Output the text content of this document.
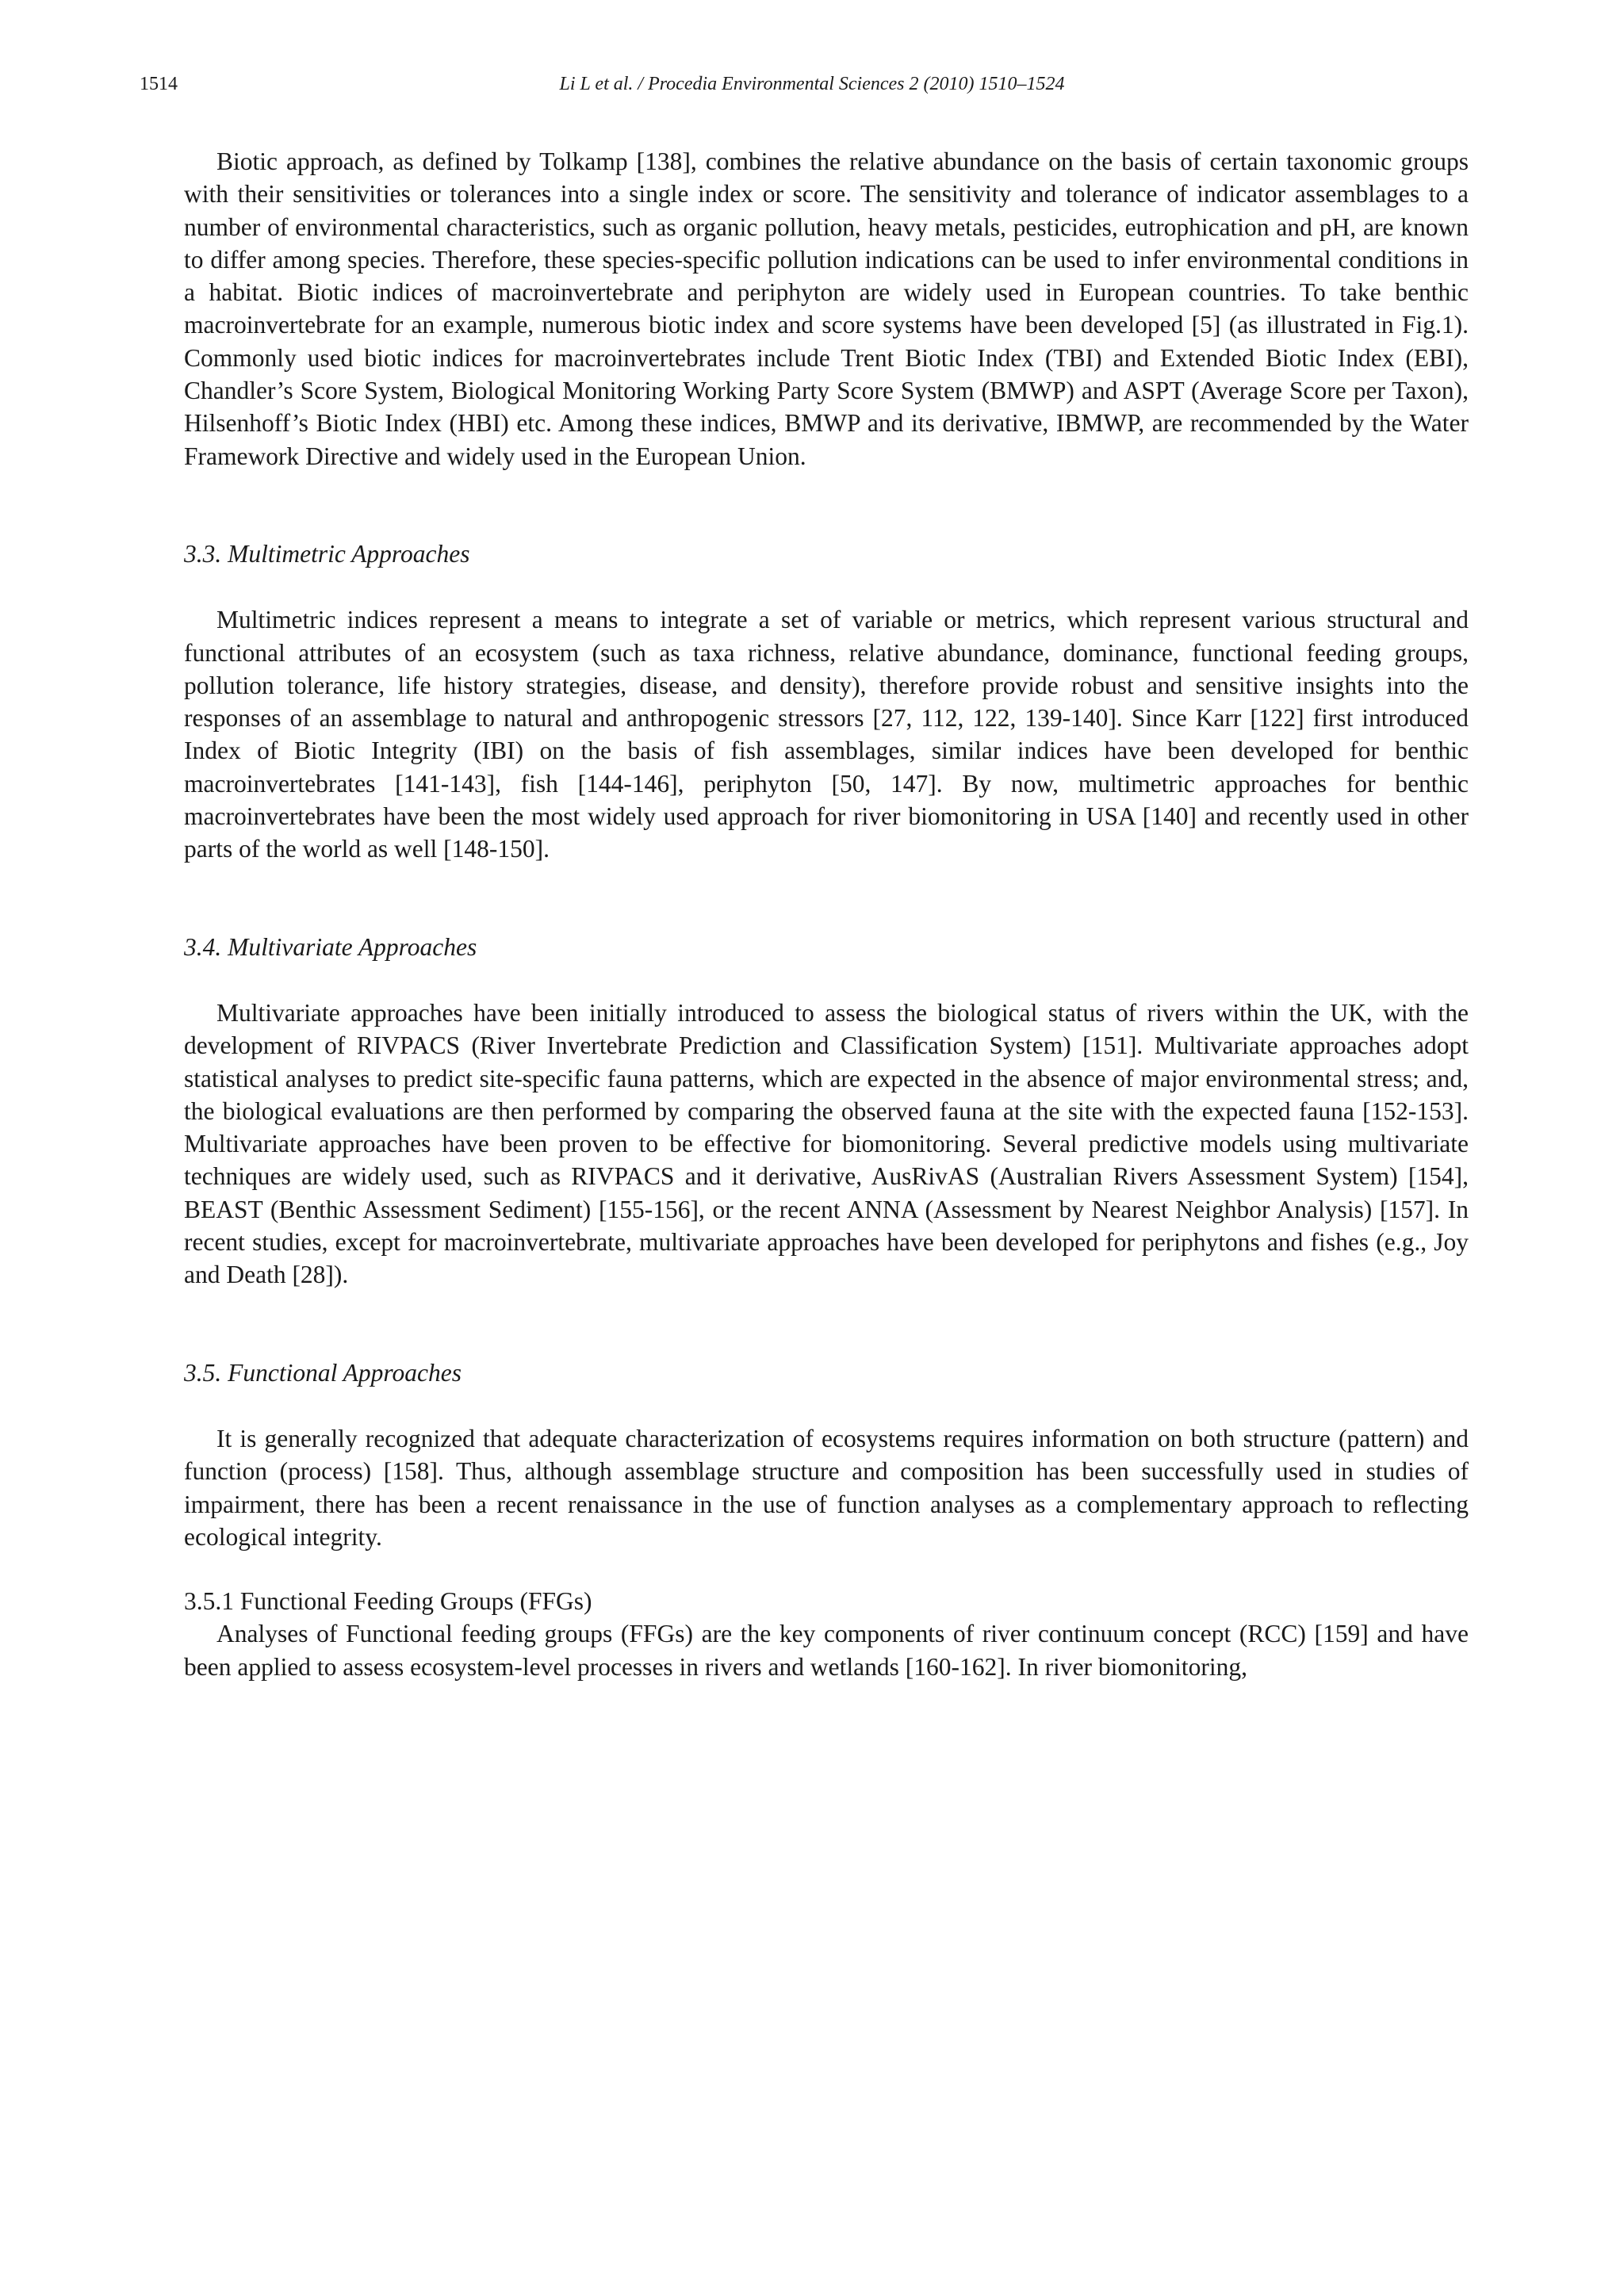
1514	Li L et al. / Procedia Environmental Sciences 2 (2010) 1510–1524

Biotic approach, as defined by Tolkamp [138], combines the relative abundance on the basis of certain taxonomic groups with their sensitivities or tolerances into a single index or score. The sensitivity and tolerance of indicator assemblages to a number of environmental characteristics, such as organic pollution, heavy metals, pesticides, eutrophication and pH, are known to differ among species. Therefore, these species-specific pollution indications can be used to infer environmental conditions in a habitat. Biotic indices of macroinvertebrate and periphyton are widely used in European countries. To take benthic macroinvertebrate for an example, numerous biotic index and score systems have been developed [5] (as illustrated in Fig.1). Commonly used biotic indices for macroinvertebrates include Trent Biotic Index (TBI) and Extended Biotic Index (EBI), Chandler’s Score System, Biological Monitoring Working Party Score System (BMWP) and ASPT (Average Score per Taxon), Hilsenhoff’s Biotic Index (HBI) etc. Among these indices, BMWP and its derivative, IBMWP, are recommended by the Water Framework Directive and widely used in the European Union.

3.3. Multimetric Approaches

Multimetric indices represent a means to integrate a set of variable or metrics, which represent various structural and functional attributes of an ecosystem (such as taxa richness, relative abundance, dominance, functional feeding groups, pollution tolerance, life history strategies, disease, and density), therefore provide robust and sensitive insights into the responses of an assemblage to natural and anthropogenic stressors [27, 112, 122, 139-140]. Since Karr [122] first introduced Index of Biotic Integrity (IBI) on the basis of fish assemblages, similar indices have been developed for benthic macroinvertebrates [141-143], fish [144-146], periphyton [50, 147]. By now, multimetric approaches for benthic macroinvertebrates have been the most widely used approach for river biomonitoring in USA [140] and recently used in other parts of the world as well [148-150].

3.4. Multivariate Approaches

Multivariate approaches have been initially introduced to assess the biological status of rivers within the UK, with the development of RIVPACS (River Invertebrate Prediction and Classification System) [151]. Multivariate approaches adopt statistical analyses to predict site-specific fauna patterns, which are expected in the absence of major environmental stress; and, the biological evaluations are then performed by comparing the observed fauna at the site with the expected fauna [152-153]. Multivariate approaches have been proven to be effective for biomonitoring. Several predictive models using multivariate techniques are widely used, such as RIVPACS and it derivative, AusRivAS (Australian Rivers Assessment System) [154], BEAST (Benthic Assessment Sediment) [155-156], or the recent ANNA (Assessment by Nearest Neighbor Analysis) [157]. In recent studies, except for macroinvertebrate, multivariate approaches have been developed for periphytons and fishes (e.g., Joy and Death [28]).

3.5. Functional Approaches

It is generally recognized that adequate characterization of ecosystems requires information on both structure (pattern) and function (process) [158]. Thus, although assemblage structure and composition has been successfully used in studies of impairment, there has been a recent renaissance in the use of function analyses as a complementary approach to reflecting ecological integrity.

3.5.1 Functional Feeding Groups (FFGs)

Analyses of Functional feeding groups (FFGs) are the key components of river continuum concept (RCC) [159] and have been applied to assess ecosystem-level processes in rivers and wetlands [160-162]. In river biomonitoring,
